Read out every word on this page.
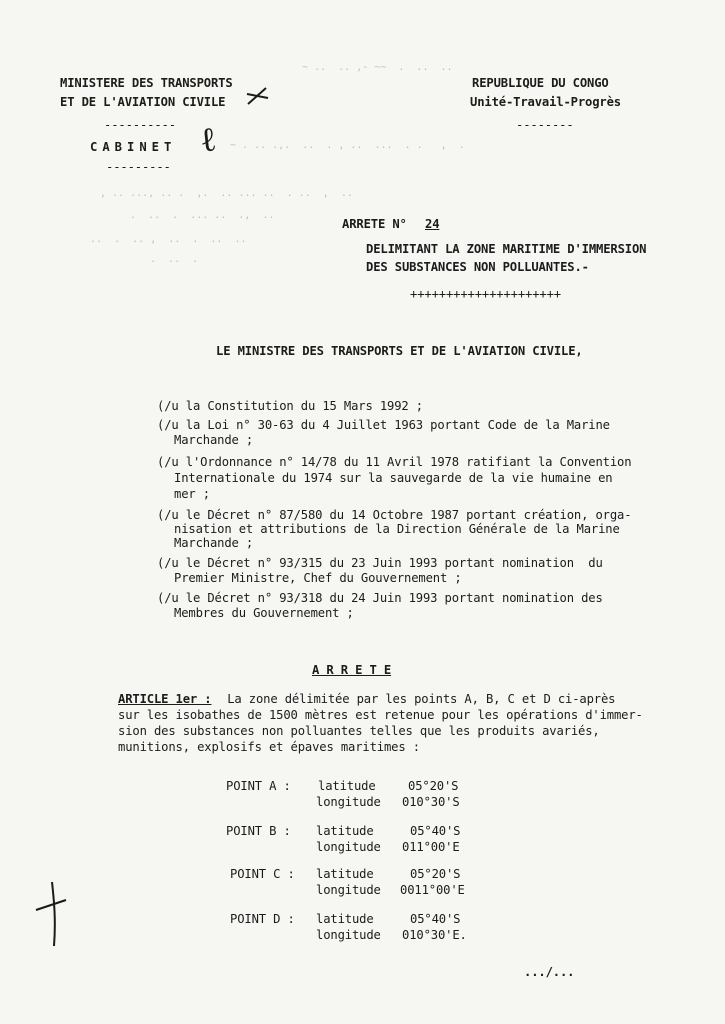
~ ..  .. ,- ~~  .  ..  ..
~ . .. .,.  ..  . , ..  ...  . .   ,  .
, .. ..., .. .  ,.  .. ... ..  . ..  ,  ..
.  ..  .  ... ..  .,  ..
..  .  .. ,  ..  .  ..  ..
.  ..  .
MINISTERE DES TRANSPORTS
ET DE L'AVIATION CIVILE
----------
CABINET
---------
ℓ
REPUBLIQUE DU CONGO
Unité-Travail-Progrès
--------
ARRETE N° 24
DELIMITANT LA ZONE MARITIME D'IMMERSION
DES SUBSTANCES NON POLLUANTES.-
+++++++++++++++++++++
LE MINISTRE DES TRANSPORTS ET DE L'AVIATION CIVILE,
(/u la Constitution du 15 Mars 1992 ;
(/u la Loi n° 30-63 du 4 Juillet 1963 portant Code de la Marine
Marchande ;
(/u l'Ordonnance n° 14/78 du 11 Avril 1978 ratifiant la Convention
Internationale du 1974 sur la sauvegarde de la vie humaine en
mer ;
(/u le Décret n° 87/580 du 14 Octobre 1987 portant création, orga-
nisation et attributions de la Direction Générale de la Marine
Marchande ;
(/u le Décret n° 93/315 du 23 Juin 1993 portant nomination  du
Premier Ministre, Chef du Gouvernement ;
(/u le Décret n° 93/318 du 24 Juin 1993 portant nomination des
Membres du Gouvernement ;
A R R E T E
ARTICLE 1er : La zone délimitée par les points A, B, C et D ci-après
sur les isobathes de 1500 mètres est retenue pour les opérations d'immer-
sion des substances non polluantes telles que les produits avariés,
munitions, explosifs et épaves maritimes :
POINT A : latitude	05°20'S
longitude 010°30'S
POINT B : latitude	05°40'S
longitude 011°00'E
POINT C : latitude	05°20'S
longitude 0011°00'E
POINT D : latitude	05°40'S
longitude 010°30'E.
.../...
